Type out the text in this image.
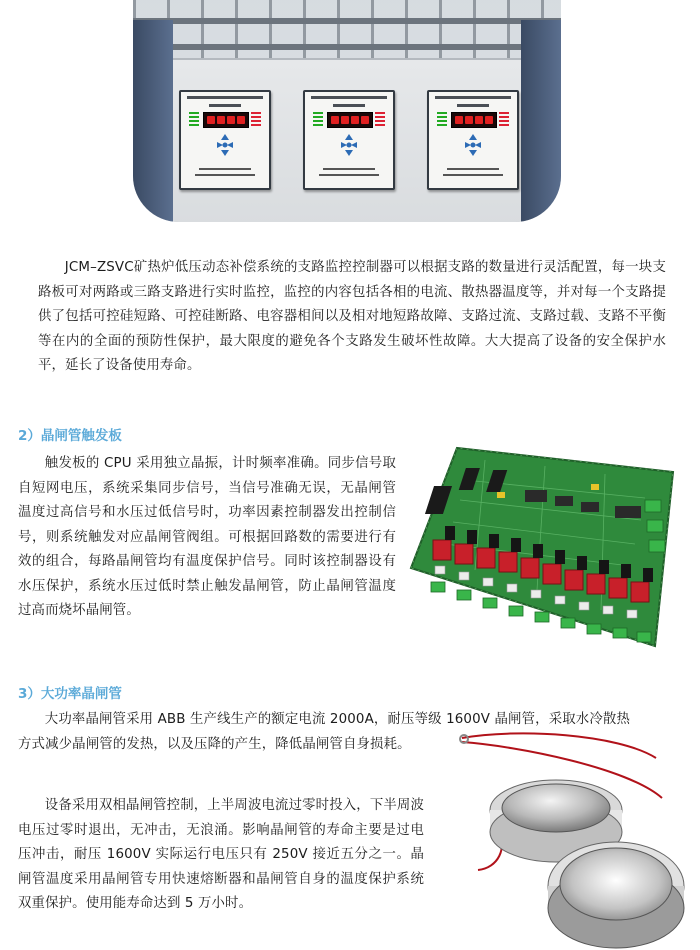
JCM–ZSVC矿热炉低压动态补偿系统的支路监控控制器可以根据支路的数量进行灵活配置，每一块支路板可对两路或三路支路进行实时监控，监控的内容包括各相的电流、散热器温度等，并对每一个支路提供了包括可控硅短路、可控硅断路、电容器相间以及相对地短路故障、支路过流、支路过载、支路不平衡等在内的全面的预防性保护，最大限度的避免各个支路发生破坏性故障。大大提高了设备的安全保护水平，延长了设备使用寿命。

2）晶闸管触发板

触发板的 CPU 采用独立晶振，计时频率准确。同步信号取自短网电压，系统采集同步信号，当信号准确无误，无晶闸管温度过高信号和水压过低信号时，功率因素控制器发出控制信号，则系统触发对应晶闸管阀组。可根据回路数的需要进行有效的组合，每路晶闸管均有温度保护信号。同时该控制器设有水压保护，系统水压过低时禁止触发晶闸管，防止晶闸管温度过高而烧坏晶闸管。

3）大功率晶闸管

大功率晶闸管采用 ABB 生产线生产的额定电流 2000A，耐压等级 1600V 晶闸管，采取水冷散热方式减少晶闸管的发热，以及压降的产生，降低晶闸管自身损耗。

设备采用双相晶闸管控制，上半周波电流过零时投入，下半周波电压过零时退出，无冲击，无浪涌。影响晶闸管的寿命主要是过电压冲击，耐压 1600V 实际运行电压只有 250V 接近五分之一。晶闸管温度采用晶闸管专用快速熔断器和晶闸管自身的温度保护系统双重保护。使用能寿命达到 5 万小时。
